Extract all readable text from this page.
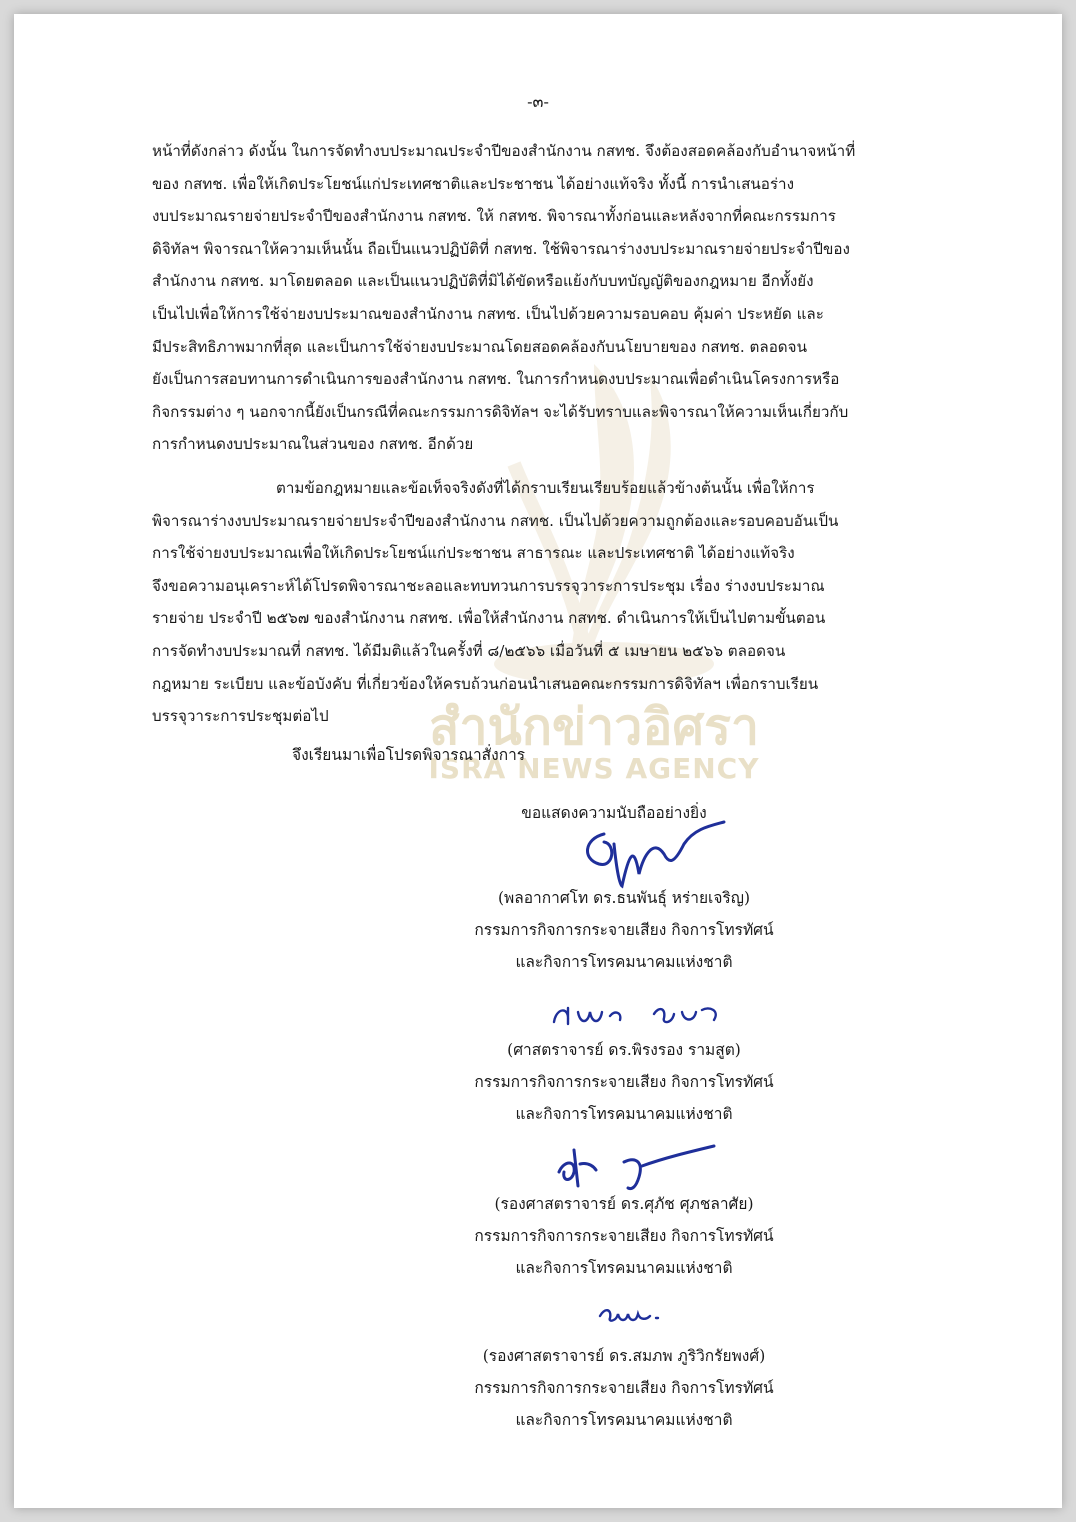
สำนักข่าวอิศรา
ISRA NEWS AGENCY
-๓-
หน้าที่ดังกล่าว ดังนั้น ในการจัดทำงบประมาณประจำปีของสำนักงาน กสทช. จึงต้องสอดคล้องกับอำนาจหน้าที่
ของ กสทช. เพื่อให้เกิดประโยชน์แก่ประเทศชาติและประชาชน ได้อย่างแท้จริง ทั้งนี้ การนำเสนอร่าง
งบประมาณรายจ่ายประจำปีของสำนักงาน กสทช. ให้ กสทช. พิจารณาทั้งก่อนและหลังจากที่คณะกรรมการ
ดิจิทัลฯ พิจารณาให้ความเห็นนั้น ถือเป็นแนวปฏิบัติที่ กสทช. ใช้พิจารณาร่างงบประมาณรายจ่ายประจำปีของ
สำนักงาน กสทช. มาโดยตลอด และเป็นแนวปฏิบัติที่มิได้ขัดหรือแย้งกับบทบัญญัติของกฎหมาย อีกทั้งยัง
เป็นไปเพื่อให้การใช้จ่ายงบประมาณของสำนักงาน กสทช. เป็นไปด้วยความรอบคอบ คุ้มค่า ประหยัด และ
มีประสิทธิภาพมากที่สุด และเป็นการใช้จ่ายงบประมาณโดยสอดคล้องกับนโยบายของ กสทช. ตลอดจน
ยังเป็นการสอบทานการดำเนินการของสำนักงาน กสทช. ในการกำหนดงบประมาณเพื่อดำเนินโครงการหรือ
กิจกรรมต่าง ๆ นอกจากนี้ยังเป็นกรณีที่คณะกรรมการดิจิทัลฯ จะได้รับทราบและพิจารณาให้ความเห็นเกี่ยวกับ
การกำหนดงบประมาณในส่วนของ กสทช. อีกด้วย
ตามข้อกฎหมายและข้อเท็จจริงดังที่ได้กราบเรียนเรียบร้อยแล้วข้างต้นนั้น เพื่อให้การ
พิจารณาร่างงบประมาณรายจ่ายประจำปีของสำนักงาน กสทช. เป็นไปด้วยความถูกต้องและรอบคอบอันเป็น
การใช้จ่ายงบประมาณเพื่อให้เกิดประโยชน์แก่ประชาชน สาธารณะ และประเทศชาติ ได้อย่างแท้จริง
จึงขอความอนุเคราะห์ได้โปรดพิจารณาชะลอและทบทวนการบรรจุวาระการประชุม เรื่อง ร่างงบประมาณ
รายจ่าย ประจำปี ๒๕๖๗ ของสำนักงาน กสทช. เพื่อให้สำนักงาน กสทช. ดำเนินการให้เป็นไปตามขั้นตอน
การจัดทำงบประมาณที่ กสทช. ได้มีมติแล้วในครั้งที่ ๘/๒๕๖๖ เมื่อวันที่ ๕ เมษายน ๒๕๖๖ ตลอดจน
กฎหมาย ระเบียบ และข้อบังคับ ที่เกี่ยวข้องให้ครบถ้วนก่อนนำเสนอคณะกรรมการดิจิทัลฯ เพื่อกราบเรียน
บรรจุวาระการประชุมต่อไป
จึงเรียนมาเพื่อโปรดพิจารณาสั่งการ
ขอแสดงความนับถืออย่างยิ่ง
(พลอากาศโท ดร.ธนพันธุ์ หร่ายเจริญ)
กรรมการกิจการกระจายเสียง กิจการโทรทัศน์
และกิจการโทรคมนาคมแห่งชาติ
(ศาสตราจารย์ ดร.พิรงรอง รามสูต)
กรรมการกิจการกระจายเสียง กิจการโทรทัศน์
และกิจการโทรคมนาคมแห่งชาติ
(รองศาสตราจารย์ ดร.ศุภัช ศุภชลาศัย)
กรรมการกิจการกระจายเสียง กิจการโทรทัศน์
และกิจการโทรคมนาคมแห่งชาติ
(รองศาสตราจารย์ ดร.สมภพ ภูริวิกรัยพงศ์)
กรรมการกิจการกระจายเสียง กิจการโทรทัศน์
และกิจการโทรคมนาคมแห่งชาติ
